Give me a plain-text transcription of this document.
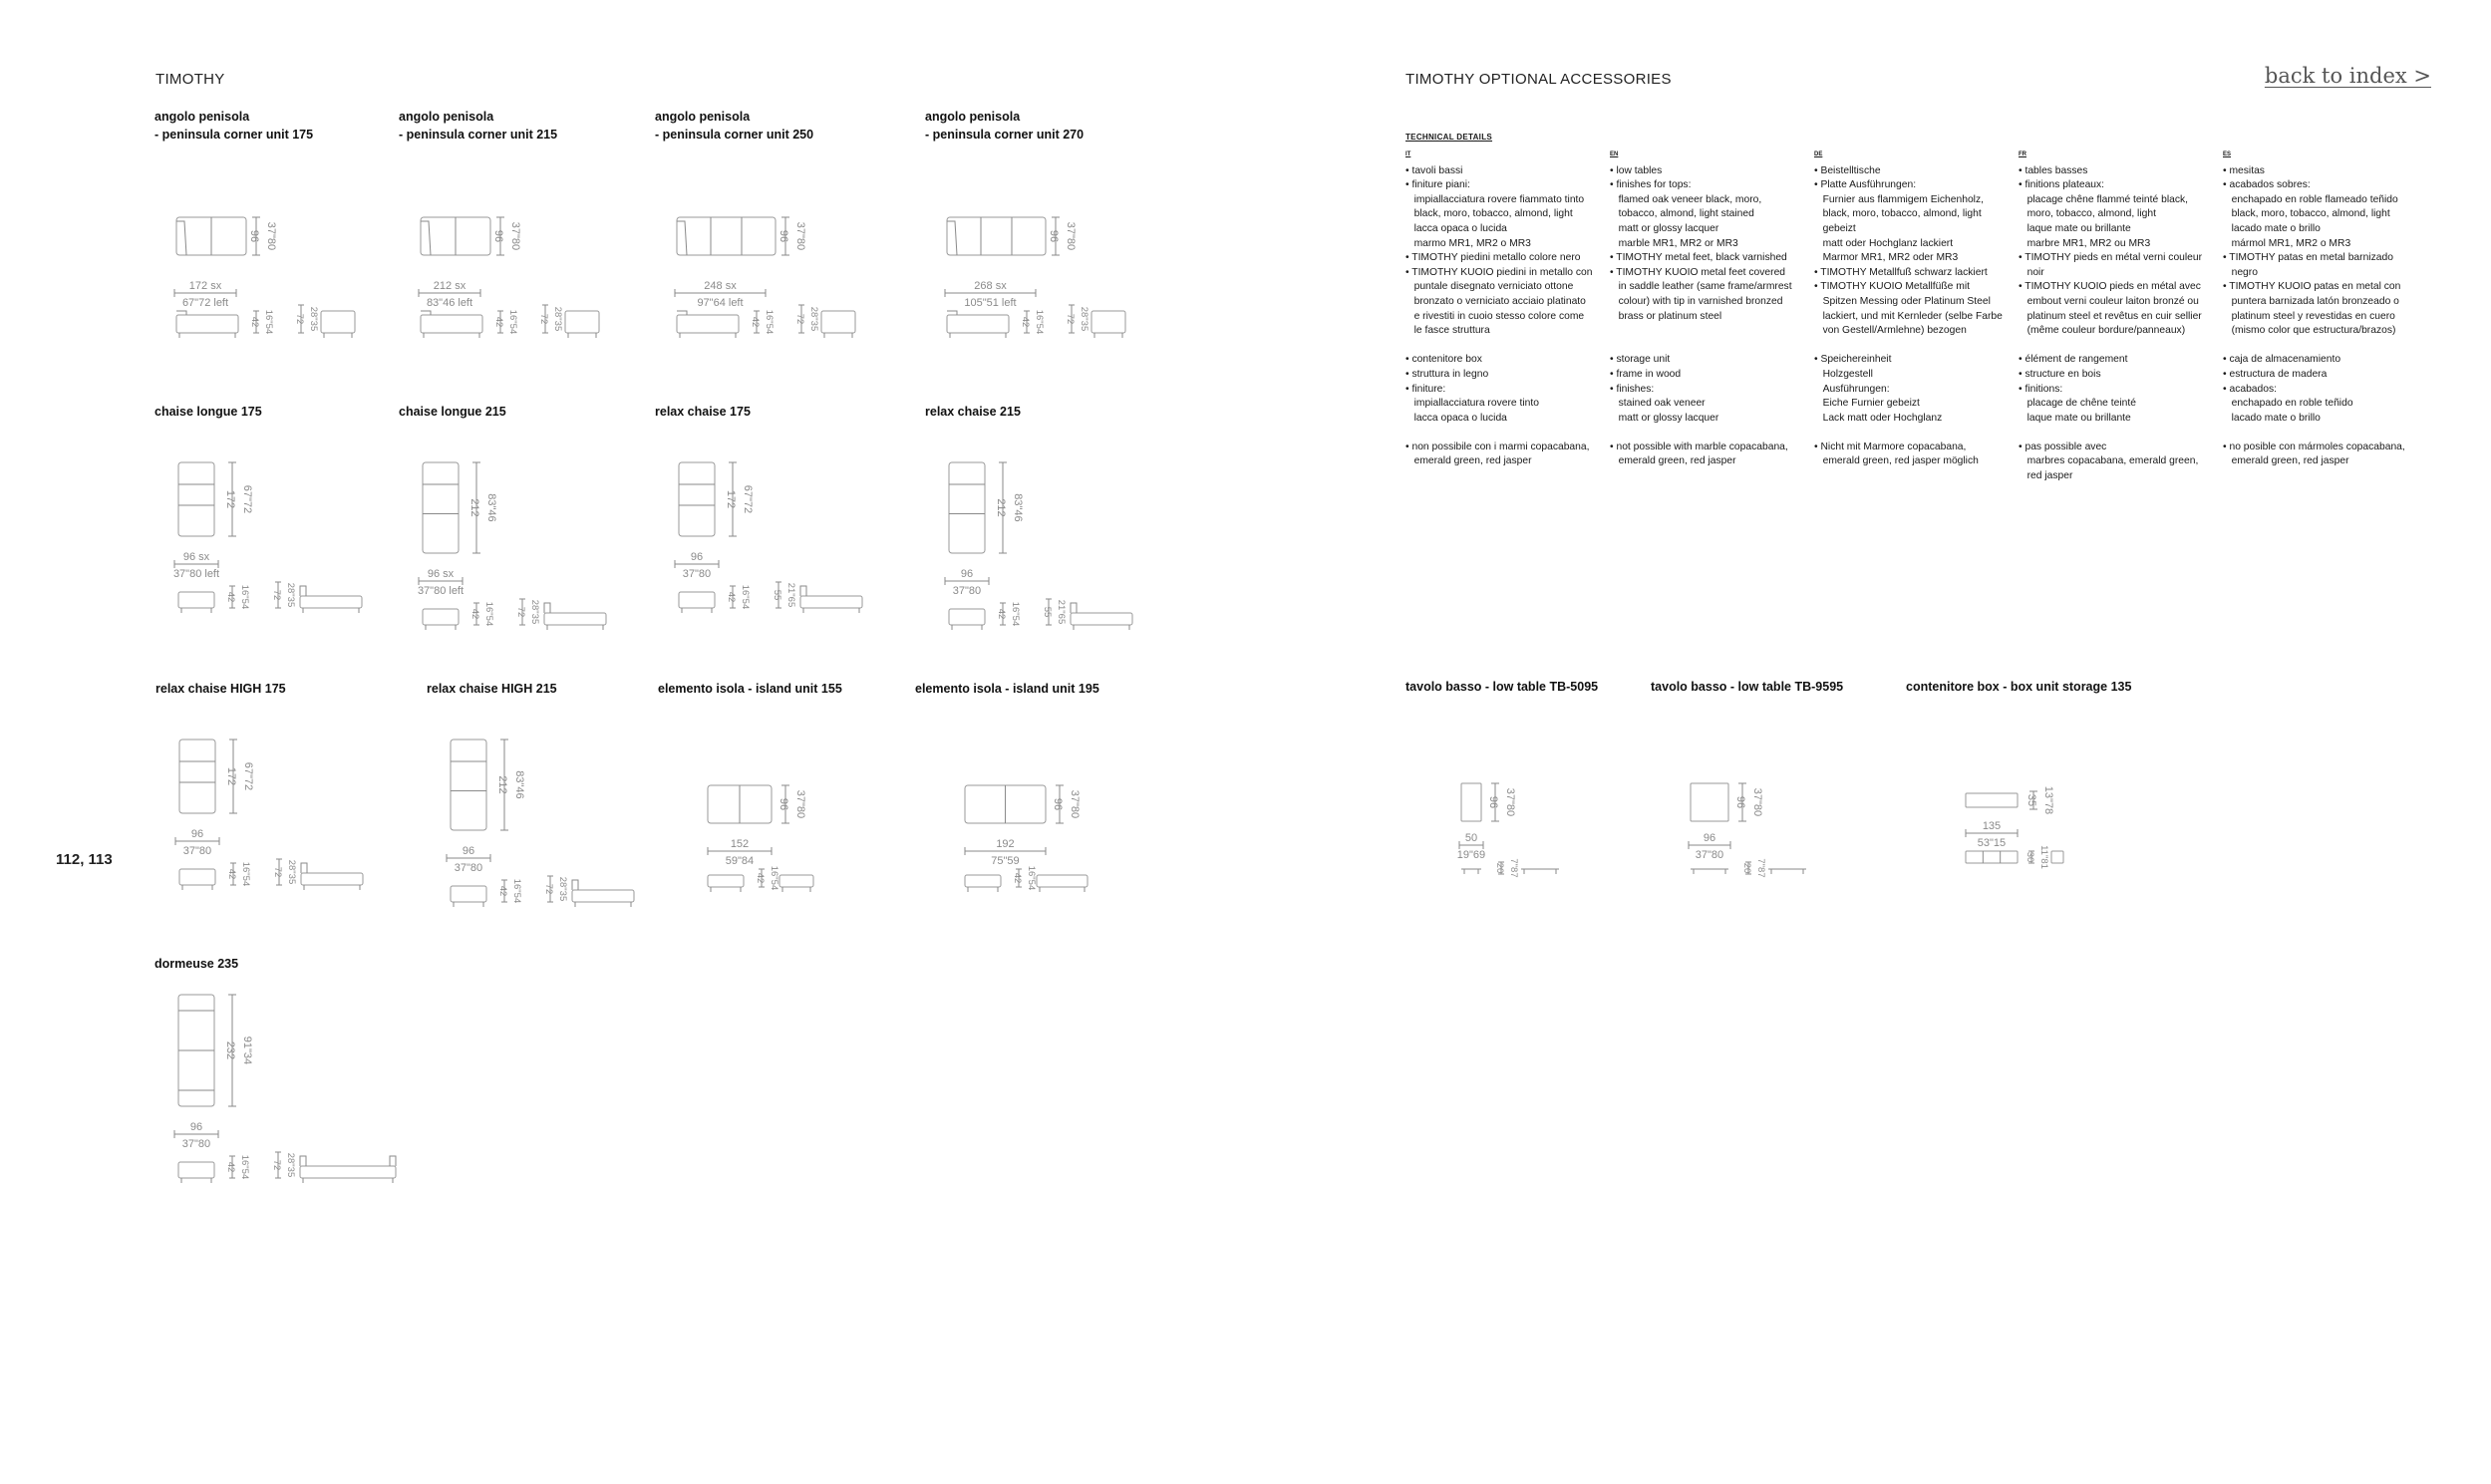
TIMOTHY	TIMOTHY OPTIONAL ACCESSORIES	back to index >
112, 113
TECHNICAL DETAILS
IT
• tavoli bassi
• finiture piani:
impiallacciatura rovere fiammato tinto
black, moro, tobacco, almond, light
lacca opaca o lucida
marmo MR1, MR2 o MR3
• TIMOTHY piedini metallo colore nero
• TIMOTHY KUOIO piedini in metallo con
puntale disegnato verniciato ottone
bronzato o verniciato acciaio platinato
e rivestiti in cuoio stesso colore come
le fasce struttura

• contenitore box
• struttura in legno
• finiture:
impiallacciatura rovere tinto
lacca opaca o lucida

• non possibile con i marmi copacabana,
emerald green, red jasper
EN
• low tables
• finishes for tops:
flamed oak veneer black, moro,
tobacco, almond, light stained
matt or glossy lacquer
marble MR1, MR2 or MR3
• TIMOTHY metal feet, black varnished
• TIMOTHY KUOIO metal feet covered
in saddle leather (same frame/armrest
colour) with tip in varnished bronzed
brass or platinum steel

• storage unit
• frame in wood
• finishes:
stained oak veneer
matt or glossy lacquer

• not possible with marble copacabana,
emerald green, red jasper
DE
• Beistelltische
• Platte Ausführungen:
Furnier aus flammigem Eichenholz,
black, moro, tobacco, almond, light
gebeizt
matt oder Hochglanz lackiert
Marmor MR1, MR2 oder MR3
• TIMOTHY Metallfuß schwarz lackiert
• TIMOTHY KUOIO Metallfüße mit
Spitzen Messing oder Platinum Steel
lackiert, und mit Kernleder (selbe Farbe
von Gestell/Armlehne) bezogen

• Speichereinheit
Holzgestell
Ausführungen:
Eiche Furnier gebeizt
Lack matt oder Hochglanz

• Nicht mit Marmore copacabana,
emerald green, red jasper möglich
FR
• tables basses
• finitions plateaux:
placage chêne flammé teinté black,
moro, tobacco, almond, light
laque mate ou brillante
marbre MR1, MR2 ou MR3
• TIMOTHY pieds en métal verni couleur
noir
• TIMOTHY KUOIO pieds en métal avec
embout verni couleur laiton bronzé ou
platinum steel et revêtus en cuir sellier
(même couleur bordure/panneaux)

• élément de rangement
• structure en bois
• finitions:
placage de chêne teinté
laque mate ou brillante

• pas possible avec
marbres copacabana, emerald green,
red jasper
ES
• mesitas
• acabados sobres:
enchapado en roble flameado teñido
black, moro, tobacco, almond, light
lacado mate o brillo
mármol MR1, MR2 o MR3
• TIMOTHY patas en metal barnizado
negro
• TIMOTHY KUOIO patas en metal con
puntera barnizada latón bronzeado o
platinum steel y revestidas en cuero
(mismo color que estructura/brazos)

• caja de almacenamiento
• estructura de madera
• acabados:
enchapado en roble teñido
lacado mate o brillo

• no posible con mármoles copacabana,
emerald green, red jasper
angolo penisola
- peninsula corner unit 175
96 37"80
172 sx
67"72 left
42 16"54 72 28"35
angolo penisola
- peninsula corner unit 215
96 37"80
212 sx
83"46 left
42 16"54 72 28"35
angolo penisola
- peninsula corner unit 250
96 37"80
248 sx
97"64 left
42 16"54 72 28"35
angolo penisola
- peninsula corner unit 270
96 37"80
268 sx
105"51 left
42 16"54 72 28"35
chaise longue 175
172 67"72
96 sx
37"80 left
42 16"54 72 28"35
chaise longue 215
212 83"46
96 sx
37"80 left
42 16"54 72 28"35
relax chaise 175
172 67"72
96
37"80
42 16"54 55 21"65
relax chaise 215
212 83"46
96
37"80
42 16"54 55 21"65
relax chaise HIGH 175
172 67"72
96
37"80
42 16"54 72 28"35
relax chaise HIGH 215
212 83"46
96
37"80
42 16"54 72 28"35
elemento isola - island unit 155
96 37"80
152
59"84
42 16"54
elemento isola - island unit 195
96 37"80
192
75"59
42 16"54
dormeuse 235
232 91"34
96
37"80
42 16"54 72 28"35
tavolo basso - low table TB-5095
96 37"80
50
19"69
20 7"87
tavolo basso - low table TB-9595
96 37"80
96
37"80
20 7"87
contenitore box - box unit storage 135
35 13"78
135
53"15
30 11"81
